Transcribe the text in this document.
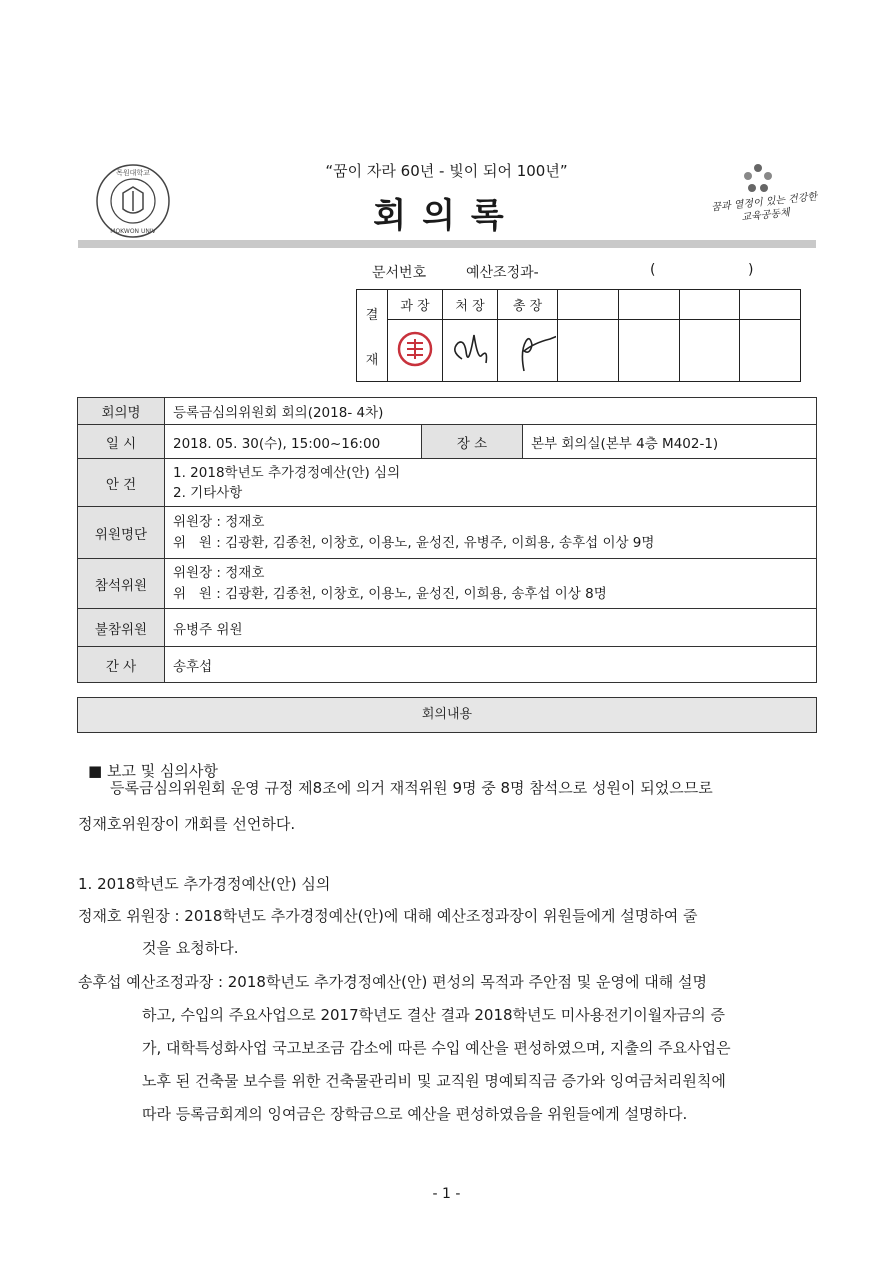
목원대학교
MOKWON UNIV
꿈과 열정이 있는 건강한 교육공동체
“꿈이 자라 60년 - 빛이 되어 100년”
회의록
문서번호	예산조정과-	(	)
결
재	과 장	처 장	총 장				

회의명	등록금심의위원회 회의(2018- 4차)		
일 시	2018. 05. 30(수), 15:00~16:00	장 소	본부 회의실(본부 4층 M402-1)
안 건	1. 2018학년도 추가경정예산(안) 심의
2. 기타사항		

위원명단	위원장 : 정재호
위   원 : 김광환, 김종천, 이창호, 이용노, 윤성진, 유병주, 이희용, 송후섭 이상 9명		

참석위원	위원장 : 정재호
위   원 : 김광환, 김종천, 이창호, 이용노, 윤성진, 이희용, 송후섭 이상 8명		

불참위원	유병주 위원		
간 사	송후섭		
회의내용
■ 보고 및 심의사항
등록금심의위원회 운영 규정 제8조에 의거 재적위원 9명 중 8명 참석으로 성원이 되었으므로
정재호위원장이 개회를 선언하다.
1. 2018학년도 추가경정예산(안) 심의
정재호 위원장 : 2018학년도 추가경정예산(안)에 대해 예산조정과장이 위원들에게 설명하여 줄
것을 요청하다.
송후섭 예산조정과장 : 2018학년도 추가경정예산(안) 편성의 목적과 주안점 및 운영에 대해 설명
하고, 수입의 주요사업으로 2017학년도 결산 결과 2018학년도 미사용전기이월자금의 증
가, 대학특성화사업 국고보조금 감소에 따른 수입 예산을 편성하였으며, 지출의 주요사업은
노후 된 건축물 보수를 위한 건축물관리비 및 교직원 명예퇴직금 증가와 잉여금처리원칙에
따라 등록금회계의 잉여금은 장학금으로 예산을 편성하였음을 위원들에게 설명하다.
- 1 -
